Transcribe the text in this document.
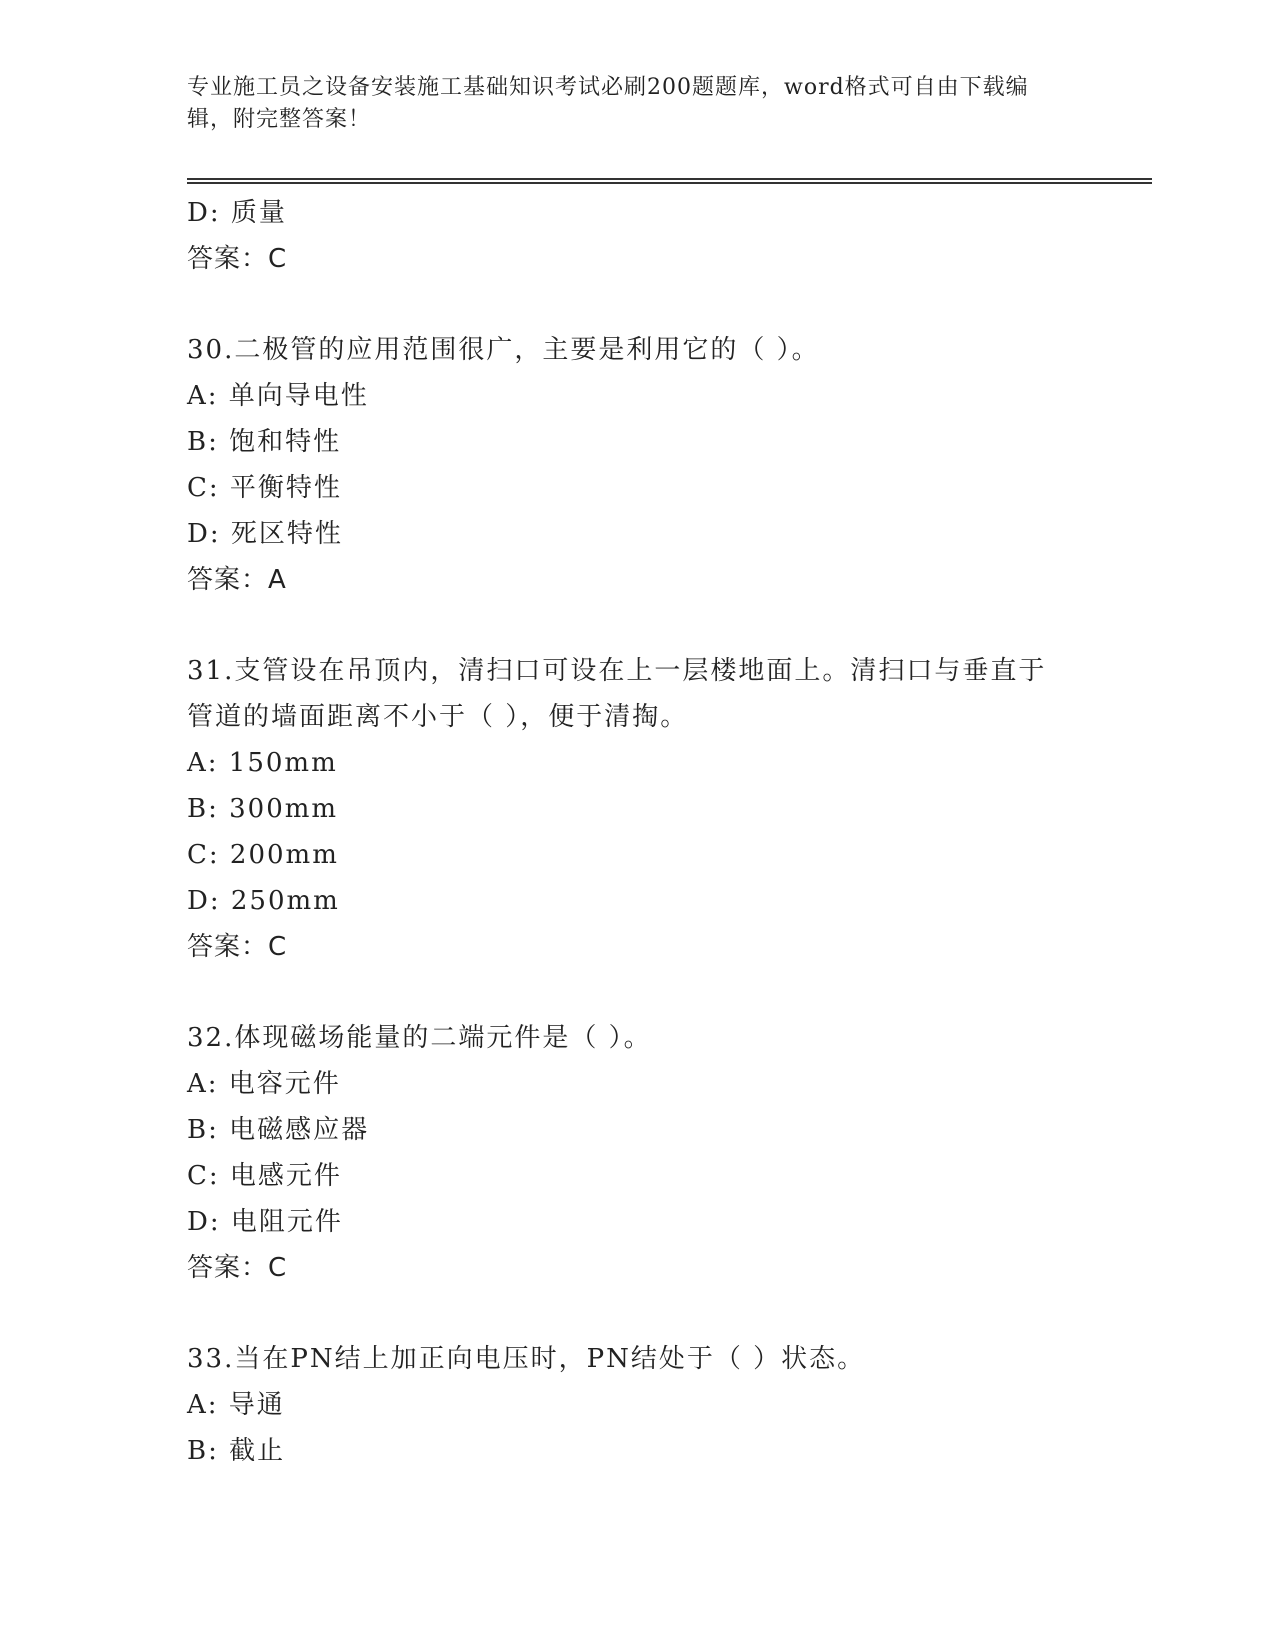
专业施工员之设备安装施工基础知识考试必刷200题题库，word格式可自由下载编辑，附完整答案！
D: 质量
答案：C
30.二极管的应用范围很广，主要是利用它的（ ）。
A: 单向导电性
B: 饱和特性
C: 平衡特性
D: 死区特性
答案：A
31.支管设在吊顶内，清扫口可设在上一层楼地面上。清扫口与垂直于
管道的墙面距离不小于（ ），便于清掏。
A: 150mm
B: 300mm
C: 200mm
D: 250mm
答案：C
32.体现磁场能量的二端元件是（ ）。
A: 电容元件
B: 电磁感应器
C: 电感元件
D: 电阻元件
答案：C
33.当在PN结上加正向电压时，PN结处于（ ）状态。
A: 导通
B: 截止
